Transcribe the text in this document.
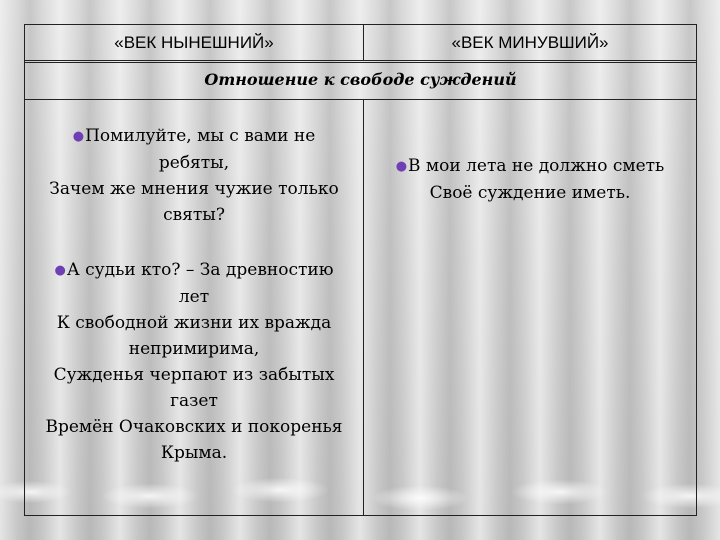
«ВЕК НЫНЕШНИЙ»	«ВЕК МИНУВШИЙ»
Отношение к свободе суждений
●Помилуйте, мы с вами не
ребяты,
Зачем же мнения чужие только
святы?
●А судьи кто? – За древностию
лет
К свободной жизни их вражда
непримирима,
Сужденья черпают из забытых
газет
Времён Очаковских и покоренья
Крыма.
●В мои лета не должно сметь
Своё суждение иметь.
